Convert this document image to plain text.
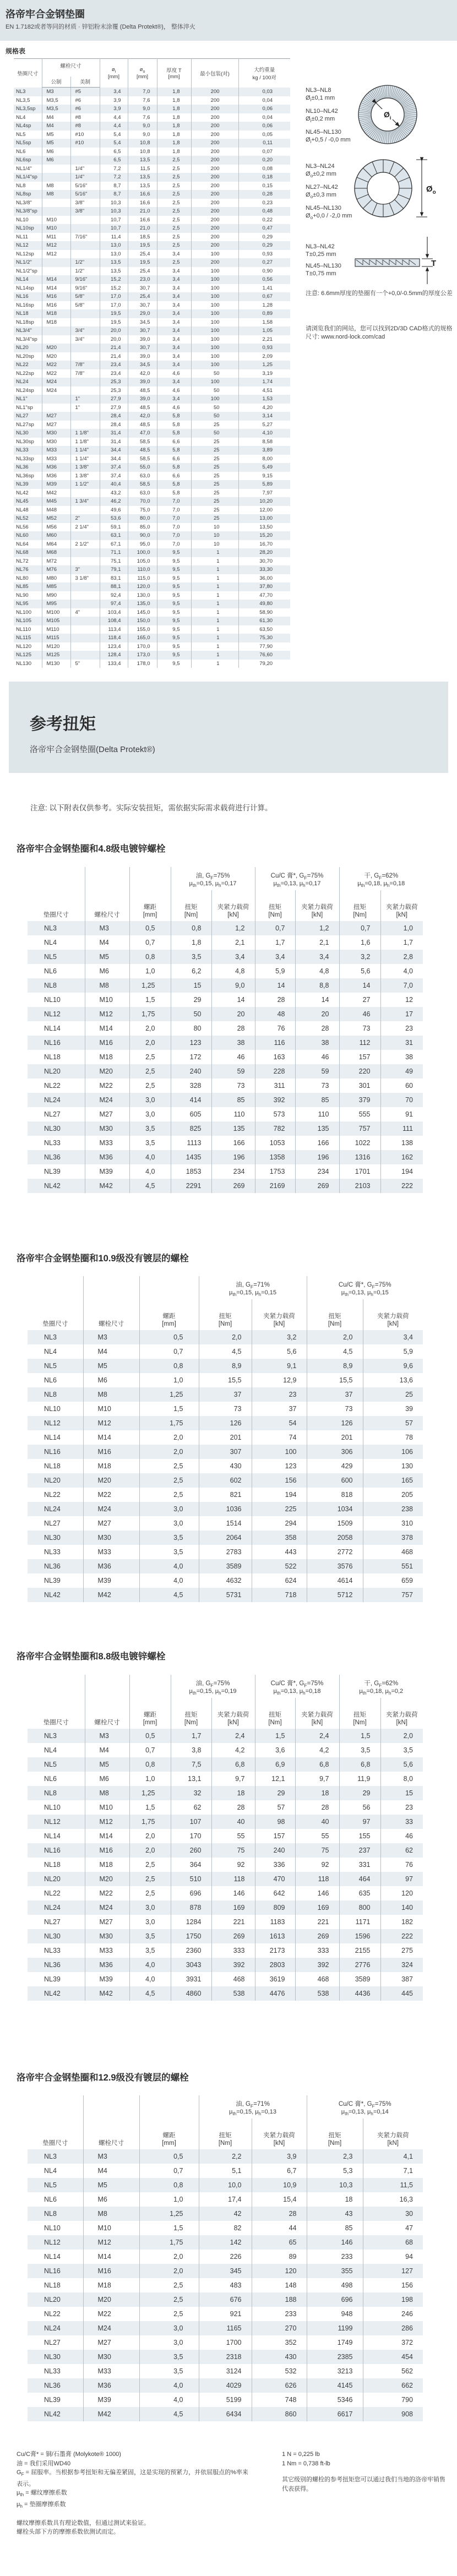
洛帝牢合金钢垫圈
EN 1.7182或者等同的材质 · 锌铝粉末涂覆 (Delta Protekt®)， 整体淬火
规格表
垫圈尺寸	螺栓尺寸	
$ø_i$
[mm]

$ø_o$
[mm]

厚度 T
[mm]	最小包装(对)	
大约重量
kg / 100对

	公制	美制					
NL3	M3	#5	3,4	7,0	1,8	200	0,03
NL3,5	M3,5	#6	3,9	7,6	1,8	200	0,04
NL3,5sp	M3,5	#6	3,9	9,0	1,8	200	0,06
NL4	M4	#8	4,4	7,6	1,8	200	0,04
NL4sp	M4	#8	4,4	9,0	1,8	200	0,06
NL5	M5	#10	5,4	9,0	1,8	200	0,05
NL5sp	M5	#10	5,4	10,8	1,8	200	0,11
NL6	M6		6,5	10,8	1,8	200	0,07
NL6sp	M6		6,5	13,5	2,5	200	0,20
NL1/4"		1/4"	7,2	11,5	2,5	200	0,08
NL1/4"sp		1/4"	7,2	13,5	2,5	200	0,18
NL8	M8	5/16"	8,7	13,5	2,5	200	0,15
NL8sp	M8	5/16"	8,7	16,6	2,5	200	0,28
NL3/8"		3/8"	10,3	16,6	2,5	200	0,23
NL3/8"sp		3/8"	10,3	21,0	2,5	200	0,48
NL10	M10		10,7	16,6	2,5	200	0,22
NL10sp	M10		10,7	21,0	2,5	200	0,47
NL11	M11	7/16"	11,4	18,5	2,5	200	0,29
NL12	M12		13,0	19,5	2,5	200	0,29
NL12sp	M12		13,0	25,4	3,4	100	0,93
NL1/2"		1/2"	13,5	19,5	2,5	200	0,27
NL1/2"sp		1/2"	13,5	25,4	3,4	100	0,90
NL14	M14	9/16"	15,2	23,0	3,4	100	0,56
NL14sp	M14	9/16"	15,2	30,7	3,4	100	1,41
NL16	M16	5/8"	17,0	25,4	3,4	100	0,67
NL16sp	M16	5/8"	17,0	30,7	3,4	100	1,28
NL18	M18		19,5	29,0	3,4	100	0,89
NL18sp	M18		19,5	34,5	3,4	100	1,58
NL3/4"		3/4"	20,0	30,7	3,4	100	1,05
NL3/4"sp		3/4"	20,0	39,0	3,4	100	2,21
NL20	M20		21,4	30,7	3,4	100	0,93
NL20sp	M20		21,4	39,0	3,4	100	2,09
NL22	M22	7/8"	23,4	34,5	3,4	100	1,25
NL22sp	M22	7/8"	23,4	42,0	4,6	50	3,19
NL24	M24		25,3	39,0	3,4	100	1,74
NL24sp	M24		25,3	48,5	4,6	50	4,51
NL1"		1"	27,9	39,0	3,4	100	1,53
NL1"sp		1"	27,9	48,5	4,6	50	4,20
NL27	M27		28,4	42,0	5,8	50	3,14
NL27sp	M27		28,4	48,5	5,8	25	5,27
NL30	M30	1 1/8"	31,4	47,0	5,8	50	4,10
NL30sp	M30	1 1/8"	31,4	58,5	6,6	25	8,58
NL33	M33	1 1/4"	34,4	48,5	5,8	25	3,89
NL33sp	M33	1 1/4"	34,4	58,5	6,6	25	8,00
NL36	M36	1 3/8"	37,4	55,0	5,8	25	5,49
NL36sp	M36	1 3/8"	37,4	63,0	6,6	25	9,15
NL39	M39	1 1/2"	40,4	58,5	5,8	25	5,89
NL42	M42		43,2	63,0	5,8	25	7,97
NL45	M45	1 3/4"	46,2	70,0	7,0	25	10,20
NL48	M48		49,6	75,0	7,0	25	12,00
NL52	M52	2"	53,6	80,0	7,0	25	13,00
NL56	M56	2 1/4"	59,1	85,0	7,0	10	13,50
NL60	M60		63,1	90,0	7,0	10	15,20
NL64	M64	2 1/2"	67,1	95,0	7,0	10	16,70
NL68	M68		71,1	100,0	9,5	1	28,20
NL72	M72		75,1	105,0	9,5	1	30,70
NL76	M76	3"	79,1	110,0	9,5	1	33,30
NL80	M80	3 1/8"	83,1	115,0	9,5	1	36,00
NL85	M85		88,1	120,0	9,5	1	37,80
NL90	M90		92,4	130,0	9,5	1	47,70
NL95	M95		97,4	135,0	9,5	1	49,80
NL100	M100	4"	103,4	145,0	9,5	1	58,90
NL105	M105		108,4	150,0	9,5	1	61,30
NL110	M110		113,4	155,0	9,5	1	63,50
NL115	M115		118,4	165,0	9,5	1	75,30
NL120	M120		123,4	170,0	9,5	1	77,90
NL125	M125		128,4	173,0	9,5	1	76,60
NL130	M130	5"	133,4	178,0	9,5	1	79,20
NL3–NL8
$Ø_i\pm 0,1$ mm
NL10–NL42
$Ø_i\pm 0,2$ mm
NL45–NL130
$Ø_i+0,5 / -0,0$ mm
$Ø_i$
NL3–NL24
$Ø_o\pm 0,2$ mm
NL27–NL42
$Ø_o\pm 0,3$ mm
NL45–NL130
$Ø_o+0,0 / -2,0$ mm
$Ø_o$
NL3–NL42
T±0,25 mm
NL45–NL130
T±0,75 mm
T
注意: 6.6mm厚度的垫圈有一个+0,0/-0.5mm的厚度公差
请浏览我们的网站，您可以找到2D/3D CAD格式的规格尺寸: www.nord-lock.com/cad
参考扭矩
洛帝牢合金钢垫圈(Delta Protekt®)
注意: 以下附表仅供参考。实际安装扭矩，需依据实际需求载荷进行计算。
洛帝牢合金钢垫圈和4.8级电镀锌螺栓

油, $G_F=75\%$
$\mu_{th}=0,15$, $\mu_h=0,17$

Cu/C 膏*, $G_F=75\%$
$\mu_{th}=0,13$, $\mu_h=0,17$

干, $G_F=62\%$
$\mu_{th}=0,18$, $\mu_h=0,18$

垫圈尺寸	螺栓尺寸

螺距
[mm]

扭矩
[Nm]

夹紧力载荷
[kN]

扭矩
[Nm]

夹紧力载荷
[kN]

扭矩
[Nm]

夹紧力载荷
[kN]

NL3	M3	0,5	0,8	1,2	0,7	1,2	0,7	1,0
NL4	M4	0,7	1,8	2,1	1,7	2,1	1,6	1,7
NL5	M5	0,8	3,5	3,4	3,4	3,4	3,2	2,8
NL6	M6	1,0	6,2	4,8	5,9	4,8	5,6	4,0
NL8	M8	1,25	15	9,0	14	8,8	14	7,0
NL10	M10	1,5	29	14	28	14	27	12
NL12	M12	1,75	50	20	48	20	46	17
NL14	M14	2,0	80	28	76	28	73	23
NL16	M16	2,0	123	38	116	38	112	31
NL18	M18	2,5	172	46	163	46	157	38
NL20	M20	2,5	240	59	228	59	220	49
NL22	M22	2,5	328	73	311	73	301	60
NL24	M24	3,0	414	85	392	85	379	70
NL27	M27	3,0	605	110	573	110	555	91
NL30	M30	3,5	825	135	782	135	757	111
NL33	M33	3,5	1113	166	1053	166	1022	138
NL36	M36	4,0	1435	196	1358	196	1316	162
NL39	M39	4,0	1853	234	1753	234	1701	194
NL42	M42	4,5	2291	269	2169	269	2103	222
洛帝牢合金钢垫圈和10.9级没有镀层的螺栓

油, $G_F=71\%$
$\mu_{th}=0,15$, $\mu_h=0,15$

Cu/C 膏*, $G_F=75\%$
$\mu_{th}=0,13$, $\mu_h=0,15$

垫圈尺寸	螺栓尺寸

螺距
[mm]

扭矩
[Nm]

夹紧力载荷
[kN]

扭矩
[Nm]

夹紧力载荷
[kN]

NL3	M3	0,5	2,0	3,2	2,0	3,4
NL4	M4	0,7	4,5	5,6	4,5	5,9
NL5	M5	0,8	8,9	9,1	8,9	9,6
NL6	M6	1,0	15,5	12,9	15,5	13,6
NL8	M8	1,25	37	23	37	25
NL10	M10	1,5	73	37	73	39
NL12	M12	1,75	126	54	126	57
NL14	M14	2,0	201	74	201	78
NL16	M16	2,0	307	100	306	106
NL18	M18	2,5	430	123	429	130
NL20	M20	2,5	602	156	600	165
NL22	M22	2,5	821	194	818	205
NL24	M24	3,0	1036	225	1034	238
NL27	M27	3,0	1514	294	1509	310
NL30	M30	3,5	2064	358	2058	378
NL33	M33	3,5	2783	443	2772	468
NL36	M36	4,0	3589	522	3576	551
NL39	M39	4,0	4632	624	4614	659
NL42	M42	4,5	5731	718	5712	757
洛帝牢合金钢垫圈和8.8级电镀锌螺栓

油, $G_F=75\%$
$\mu_{th}=0,15$, $\mu_h=0,19$

Cu/C 膏*, $G_F=75\%$
$\mu_{th}=0,13$, $\mu_h=0,18$

干, $G_F=62\%$
$\mu_{th}=0,18$, $\mu_h=0,2$

垫圈尺寸	螺栓尺寸

螺距
[mm]

扭矩
[Nm]

夹紧力载荷
[kN]

扭矩
[Nm]

夹紧力载荷
[kN]

扭矩
[Nm]

夹紧力载荷
[kN]

NL3	M3	0,5	1,7	2,4	1,5	2,4	1,5	2,0
NL4	M4	0,7	3,8	4,2	3,6	4,2	3,5	3,5
NL5	M5	0,8	7,5	6,8	6,9	6,8	6,8	5,6
NL6	M6	1,0	13,1	9,7	12,1	9,7	11,9	8,0
NL8	M8	1,25	32	18	29	18	29	15
NL10	M10	1,5	62	28	57	28	56	23
NL12	M12	1,75	107	40	98	40	97	33
NL14	M14	2,0	170	55	157	55	155	46
NL16	M16	2,0	260	75	240	75	237	62
NL18	M18	2,5	364	92	336	92	331	76
NL20	M20	2,5	510	118	470	118	464	97
NL22	M22	2,5	696	146	642	146	635	120
NL24	M24	3,0	878	169	809	169	800	140
NL27	M27	3,0	1284	221	1183	221	1171	182
NL30	M30	3,5	1750	269	1613	269	1596	222
NL33	M33	3,5	2360	333	2173	333	2155	275
NL36	M36	4,0	3043	392	2803	392	2776	324
NL39	M39	4,0	3931	468	3619	468	3589	387
NL42	M42	4,5	4860	538	4476	538	4436	445
洛帝牢合金钢垫圈和12.9级没有镀层的螺栓

油, $G_F=71\%$
$\mu_{th}=0,15$, $\mu_h=0,13$

Cu/C 膏*, $G_F=75\%$
$\mu_{th}=0,13$, $\mu_h=0,14$

垫圈尺寸	螺栓尺寸

螺距
[mm]

扭矩
[Nm]

夹紧力载荷
[kN]

扭矩
[Nm]

夹紧力载荷
[kN]

NL3	M3	0,5	2,2	3,9	2,3	4,1
NL4	M4	0,7	5,1	6,7	5,3	7,1
NL5	M5	0,8	10,0	10,9	10,3	11,5
NL6	M6	1,0	17,4	15,4	18	16,3
NL8	M8	1,25	42	28	43	30
NL10	M10	1,5	82	44	85	47
NL12	M12	1,75	142	65	146	68
NL14	M14	2,0	226	89	233	94
NL16	M16	2,0	345	120	355	127
NL18	M18	2,5	483	148	498	156
NL20	M20	2,5	676	188	696	198
NL22	M22	2,5	921	233	948	246
NL24	M24	3,0	1165	270	1199	286
NL27	M27	3,0	1700	352	1749	372
NL30	M30	3,5	2318	430	2385	454
NL33	M33	3,5	3124	532	3213	562
NL36	M36	4,0	4029	626	4145	662
NL39	M39	4,0	5199	748	5346	790
NL42	M42	4,5	6434	860	6617	908
Cu/C膏* = 铜/石墨膏 (Molykote® 1000)
油 = 我们采用WD40
$G_F$ = 屈服率。当根据参考扭矩和无偏差紧固，这是实现的预紧力，并依屈服点的%率来表示。
$\mu_{th}$ = 螺纹摩擦系数
$\mu_h$ = 垫圈摩擦系数
螺纹摩擦系数具有理论数值，但通过测试来验证。
螺栓头部下方的摩擦系数依测试而定。
1 N = 0,225 lb
1 Nm = 0,738 ft-lb
其它级别的螺栓的参考扭矩您可以通过我们当地的洛帝牢销售代表获得。
